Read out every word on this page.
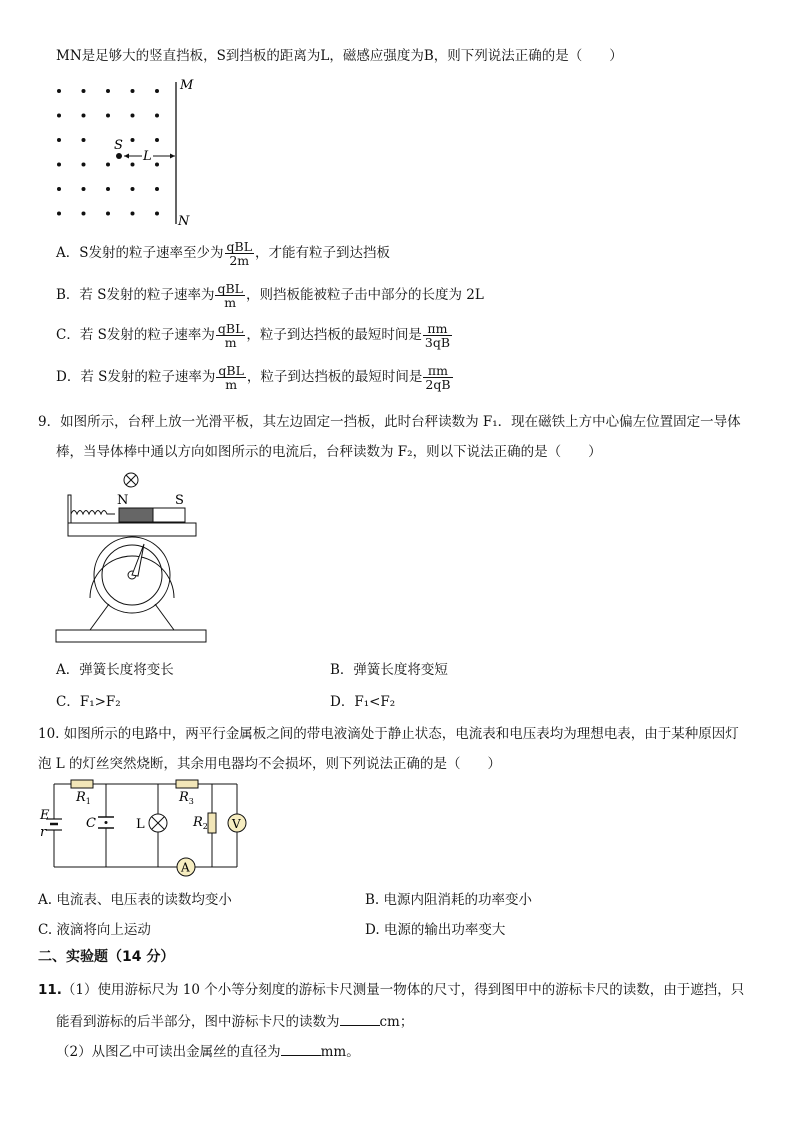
MN是足够大的竖直挡板，S到挡板的距离为L，磁感应强度为B，则下列说法正确的是（　　）
M
N
S
L
A．S发射的粒子速率至少为 $\frac{\text{qBL}}{2m}$ ，才能有粒子到达挡板
B．若 S发射的粒子速率为 $\frac{\text{qBL}}{m}$ ，则挡板能被粒子击中部分的长度为 2L
C．若 S发射的粒子速率为 $\frac{\text{qBL}}{m}$ ，粒子到达挡板的最短时间是 $\frac{\pi m}{3qB}$
D．若 S发射的粒子速率为 $\frac{\text{qBL}}{m}$ ，粒子到达挡板的最短时间是 $\frac{\pi m}{2qB}$
9．如图所示，台秤上放一光滑平板，其左边固定一挡板，此时台秤读数为 F₁．现在磁铁上方中心偏左位置固定一导体
棒，当导体棒中通以方向如图所示的电流后，台秤读数为 F₂，则以下说法正确的是（　　）
N	S
A．弹簧长度将变长	B．弹簧长度将变短
C．F₁>F₂	D．F₁<F₂
10. 如图所示的电路中，两平行金属板之间的带电液滴处于静止状态，电流表和电压表均为理想电表，由于某种原因灯
泡 L 的灯丝突然烧断，其余用电器均不会损坏，则下列说法正确的是（　　）
V
A
E
r
$R_1$	$R_3$
$R_2$
C	L
A. 电流表、电压表的读数均变小	B. 电源内阻消耗的功率变小
C. 液滴将向上运动	D. 电源的输出功率变大
二、实验题（14 分）
11.（1）使用游标尺为 10 个小等分刻度的游标卡尺测量一物体的尺寸，得到图甲中的游标卡尺的读数，由于遮挡，只
能看到游标的后半部分，图中游标卡尺的读数为	cm；
（2）从图乙中可读出金属丝的直径为	mm。
